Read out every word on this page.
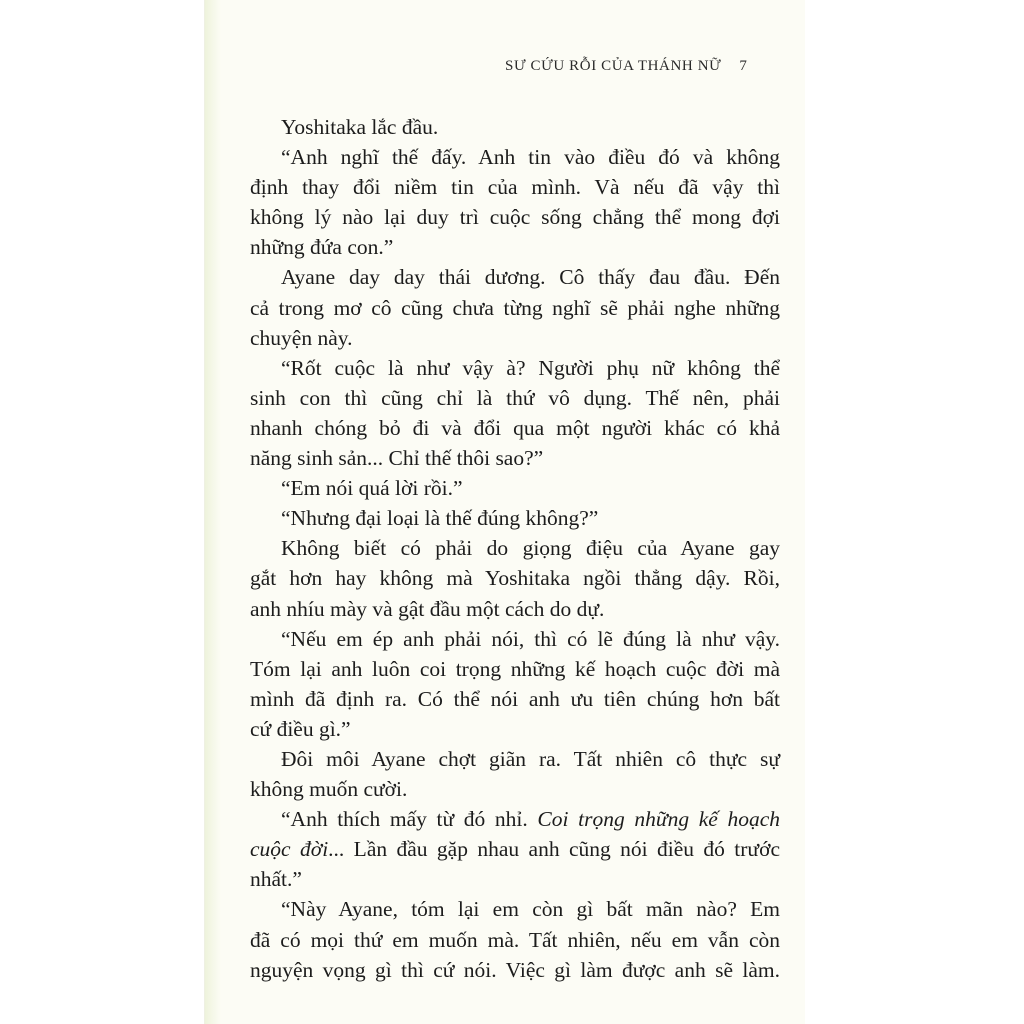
SƯ CỨU RỖI CỦA THÁNH NỮ 7
Yoshitaka lắc đầu.
“Anh nghĩ thế đấy. Anh tin vào điều đó và không
định thay đổi niềm tin của mình. Và nếu đã vậy thì
không lý nào lại duy trì cuộc sống chẳng thể mong đợi
những đứa con.”
Ayane day day thái dương. Cô thấy đau đầu. Đến
cả trong mơ cô cũng chưa từng nghĩ sẽ phải nghe những
chuyện này.
“Rốt cuộc là như vậy à? Người phụ nữ không thể
sinh con thì cũng chỉ là thứ vô dụng. Thế nên, phải
nhanh chóng bỏ đi và đổi qua một người khác có khả
năng sinh sản... Chỉ thế thôi sao?”
“Em nói quá lời rồi.”
“Nhưng đại loại là thế đúng không?”
Không biết có phải do giọng điệu của Ayane gay
gắt hơn hay không mà Yoshitaka ngồi thẳng dậy. Rồi,
anh nhíu mày và gật đầu một cách do dự.
“Nếu em ép anh phải nói, thì có lẽ đúng là như vậy.
Tóm lại anh luôn coi trọng những kế hoạch cuộc đời mà
mình đã định ra. Có thể nói anh ưu tiên chúng hơn bất
cứ điều gì.”
Đôi môi Ayane chợt giãn ra. Tất nhiên cô thực sự
không muốn cười.
“Anh thích mấy từ đó nhỉ. Coi trọng những kế hoạch
cuộc đời... Lần đầu gặp nhau anh cũng nói điều đó trước
nhất.”
“Này Ayane, tóm lại em còn gì bất mãn nào? Em
đã có mọi thứ em muốn mà. Tất nhiên, nếu em vẫn còn
nguyện vọng gì thì cứ nói. Việc gì làm được anh sẽ làm.
